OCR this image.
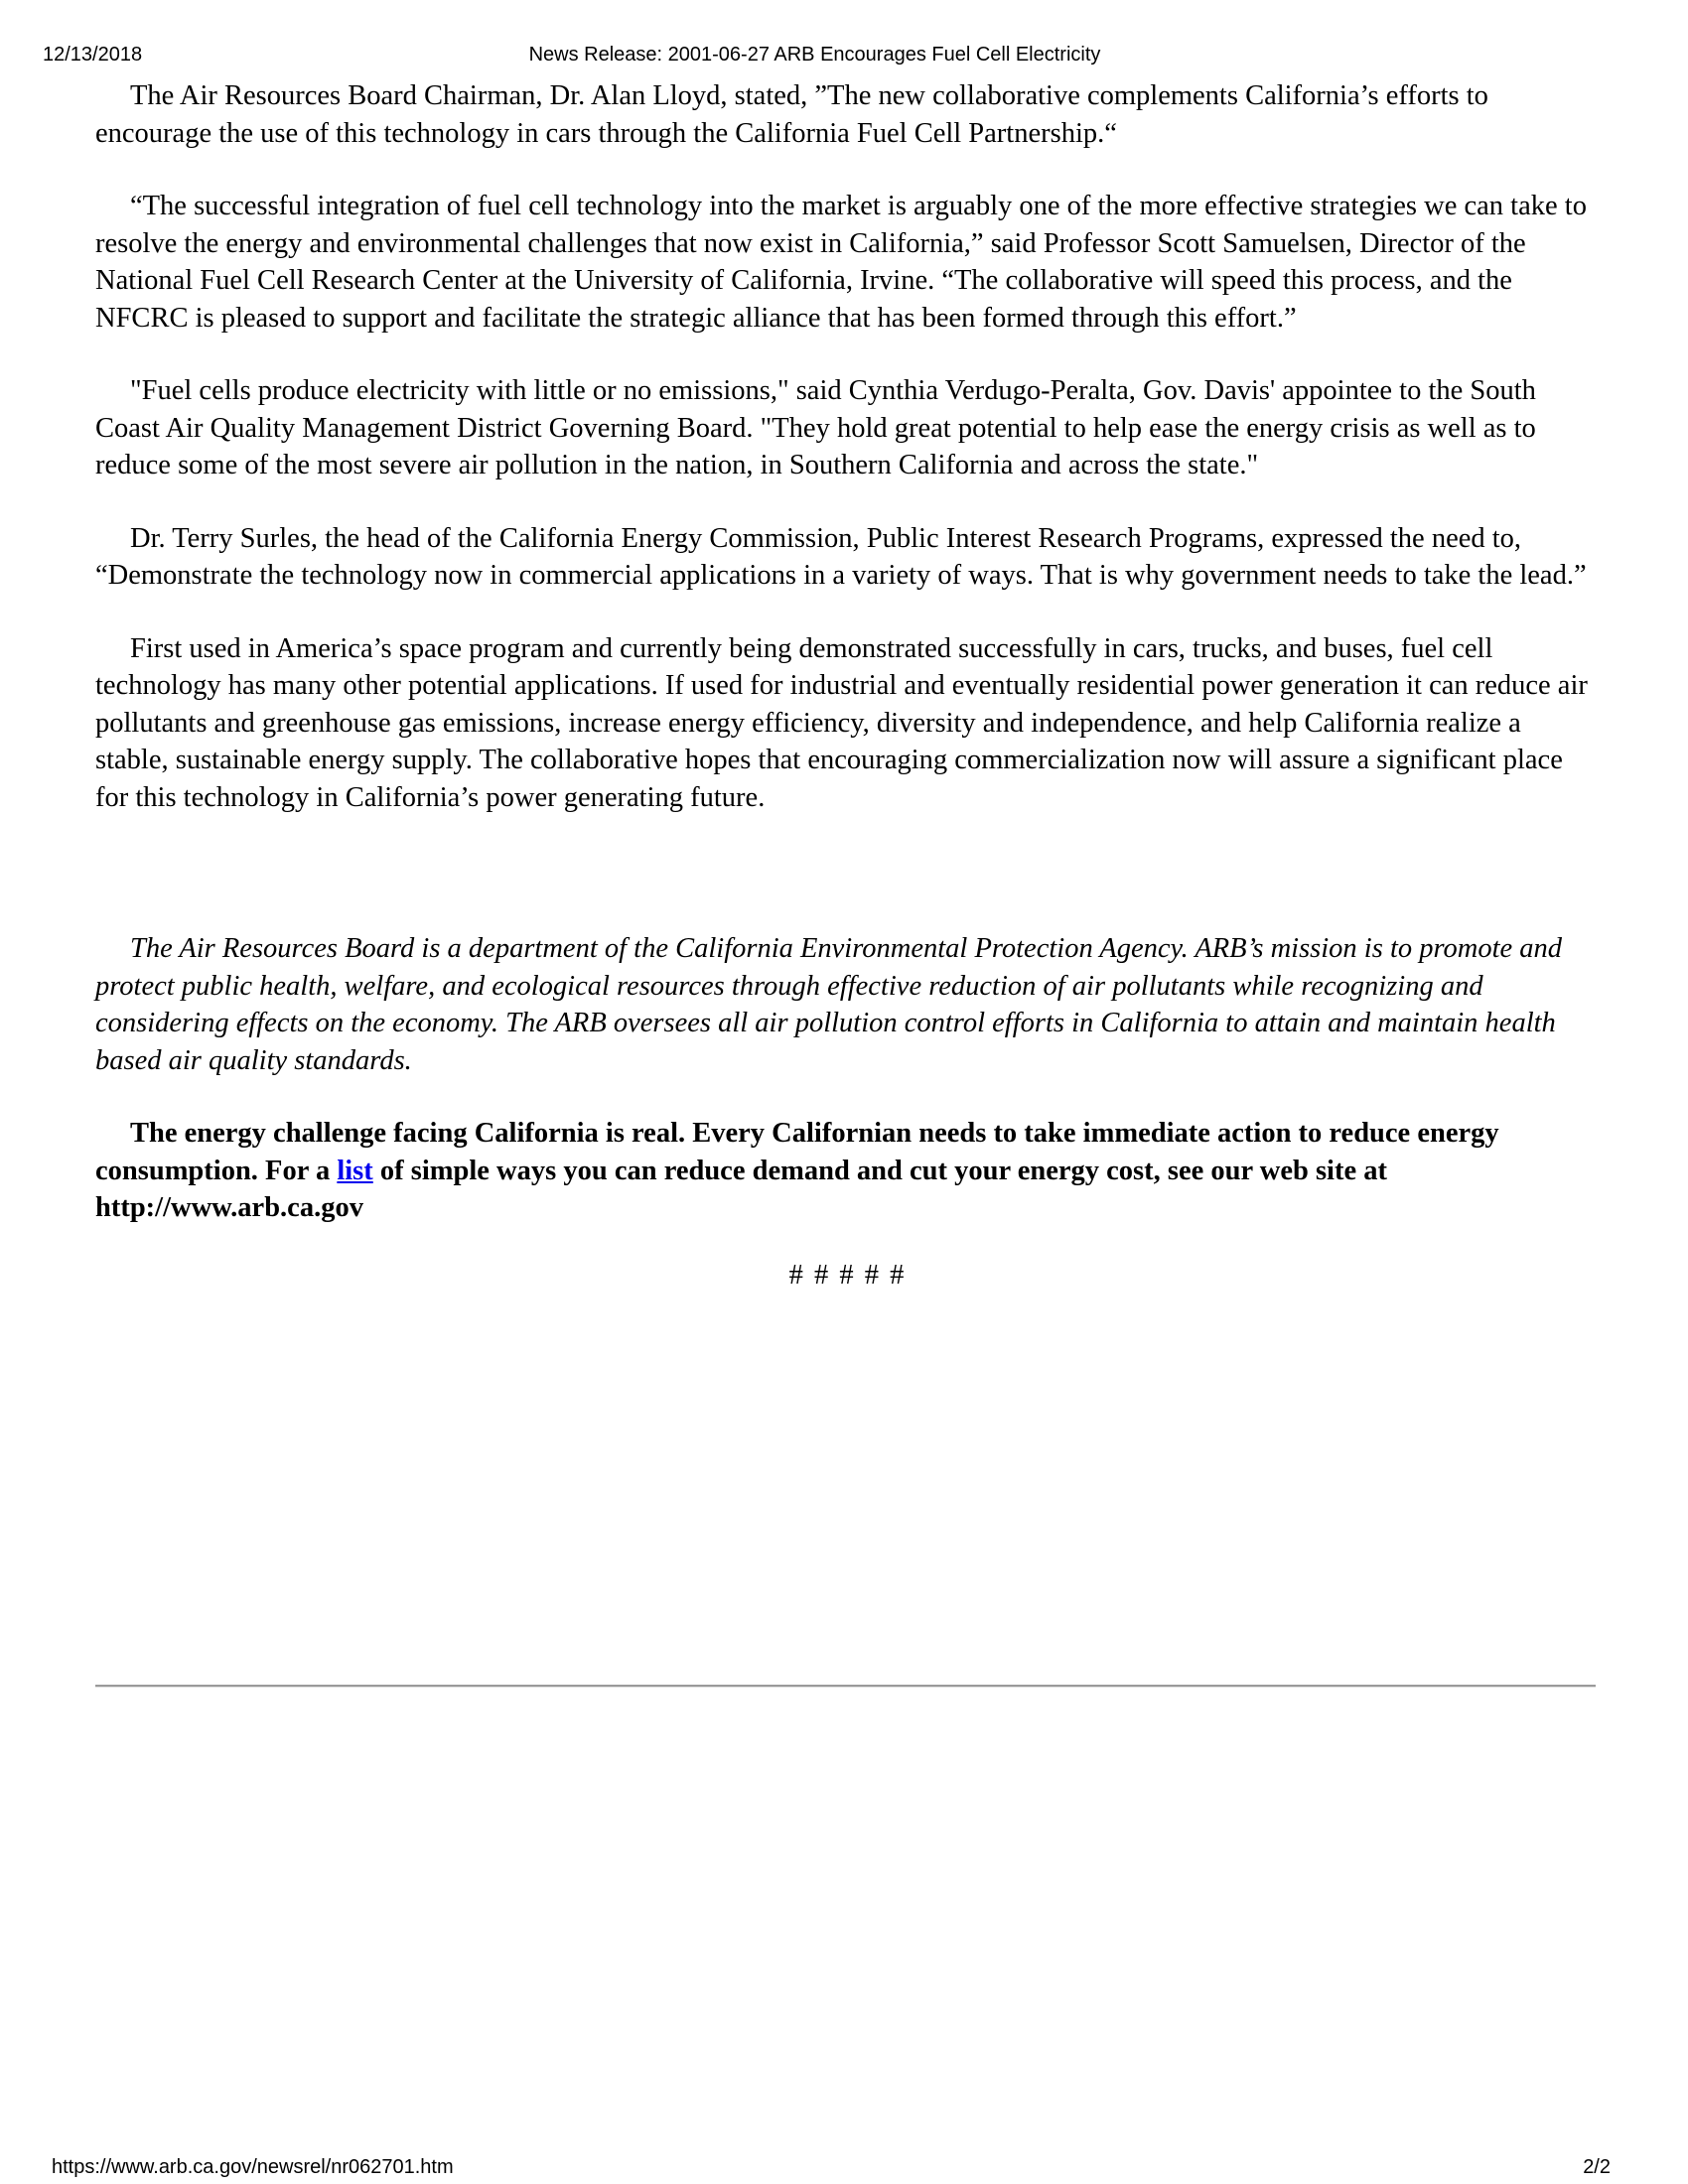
News Release: 2001-06-27 ARB Encourages Fuel Cell Electricity
12/13/2018

The Air Resources Board Chairman, Dr. Alan Lloyd, stated, ”The new collaborative complements California’s efforts to encourage the use of this technology in cars through the California Fuel Cell Partnership.“

“The successful integration of fuel cell technology into the market is arguably one of the more effective strategies we can take to resolve the energy and environmental challenges that now exist in California,” said Professor Scott Samuelsen, Director of the National Fuel Cell Research Center at the University of California, Irvine. “The collaborative will speed this process, and the NFCRC is pleased to support and facilitate the strategic alliance that has been formed through this effort.”

"Fuel cells produce electricity with little or no emissions," said Cynthia Verdugo-Peralta, Gov. Davis' appointee to the South Coast Air Quality Management District Governing Board. "They hold great potential to help ease the energy crisis as well as to reduce some of the most severe air pollution in the nation, in Southern California and across the state."

Dr. Terry Surles, the head of the California Energy Commission, Public Interest Research Programs, expressed the need to, “Demonstrate the technology now in commercial applications in a variety of ways. That is why government needs to take the lead.”

First used in America’s space program and currently being demonstrated successfully in cars, trucks, and buses, fuel cell technology has many other potential applications. If used for industrial and eventually residential power generation it can reduce air pollutants and greenhouse gas emissions, increase energy efficiency, diversity and independence, and help California realize a stable, sustainable energy supply. The collaborative hopes that encouraging commercialization now will assure a significant place for this technology in California’s power generating future.

The Air Resources Board is a department of the California Environmental Protection Agency. ARB’s mission is to promote and protect public health, welfare, and ecological resources through effective reduction of air pollutants while recognizing and considering effects on the economy. The ARB oversees all air pollution control efforts in California to attain and maintain health based air quality standards.

The energy challenge facing California is real. Every Californian needs to take immediate action to reduce energy consumption. For a list of simple ways you can reduce demand and cut your energy cost, see our web site at http://www.arb.ca.gov

# # # # #

https://www.arb.ca.gov/newsrel/nr062701.htm	2/2
